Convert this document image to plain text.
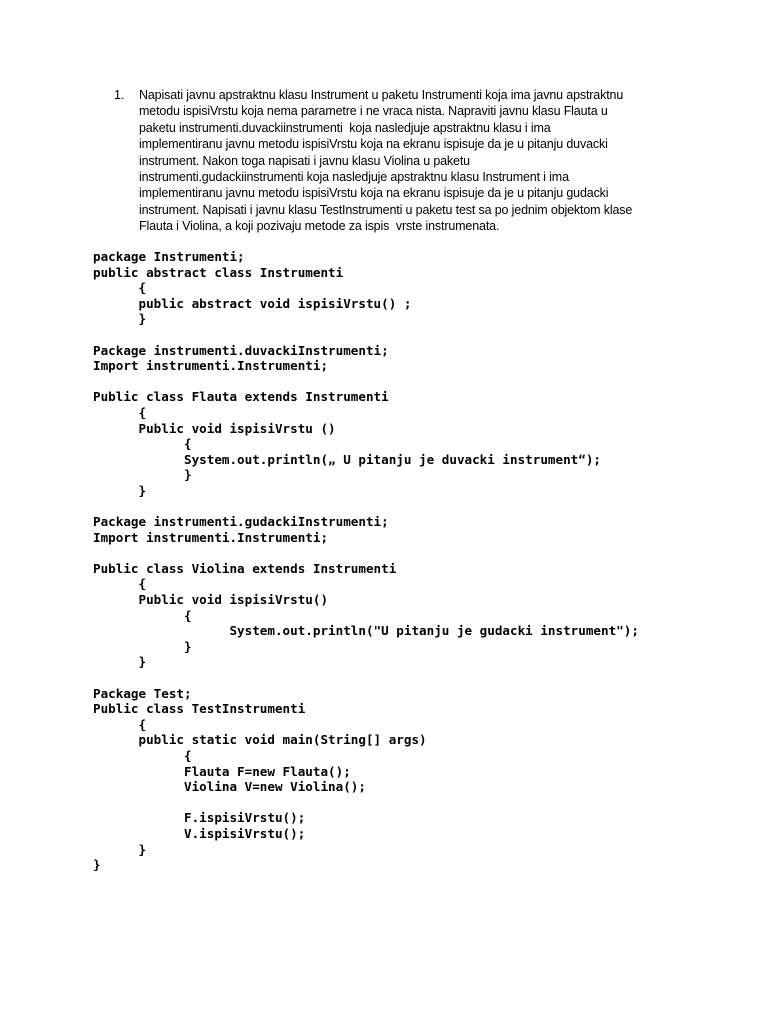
1.	Napisati javnu apstraktnu klasu Instrument u paketu Instrumenti koja ima javnu apstraktnu
metodu ispisiVrstu koja nema parametre i ne vraca nista. Napraviti javnu klasu Flauta u
paketu instrumenti.duvackiinstrumenti  koja nasledjuje apstraktnu klasu i ima
implementiranu javnu metodu ispisiVrstu koja na ekranu ispisuje da je u pitanju duvacki
instrument. Nakon toga napisati i javnu klasu Violina u paketu
instrumenti.gudackiinstrumenti koja nasledjuje apstraktnu klasu Instrument i ima
implementiranu javnu metodu ispisiVrstu koja na ekranu ispisuje da je u pitanju gudacki
instrument. Napisati i javnu klasu TestInstrumenti u paketu test sa po jednim objektom klase
Flauta i Violina, a koji pozivaju metode za ispis  vrste instrumenata.
package Instrumenti;
public abstract class Instrumenti
{
public abstract void ispisiVrstu() ;
}
Package instrumenti.duvackiInstrumenti;
Import instrumenti.Instrumenti;
Public class Flauta extends Instrumenti
{
Public void ispisiVrstu ()
{
System.out.println(„ U pitanju je duvacki instrument“);
}
}
Package instrumenti.gudackiInstrumenti;
Import instrumenti.Instrumenti;
Public class Violina extends Instrumenti
{
Public void ispisiVrstu()
{
System.out.println("U pitanju je gudacki instrument");
}
}
Package Test;
Public class TestInstrumenti
{
public static void main(String[] args)
{
Flauta F=new Flauta();
Violina V=new Violina();
F.ispisiVrstu();
V.ispisiVrstu();
}
}
